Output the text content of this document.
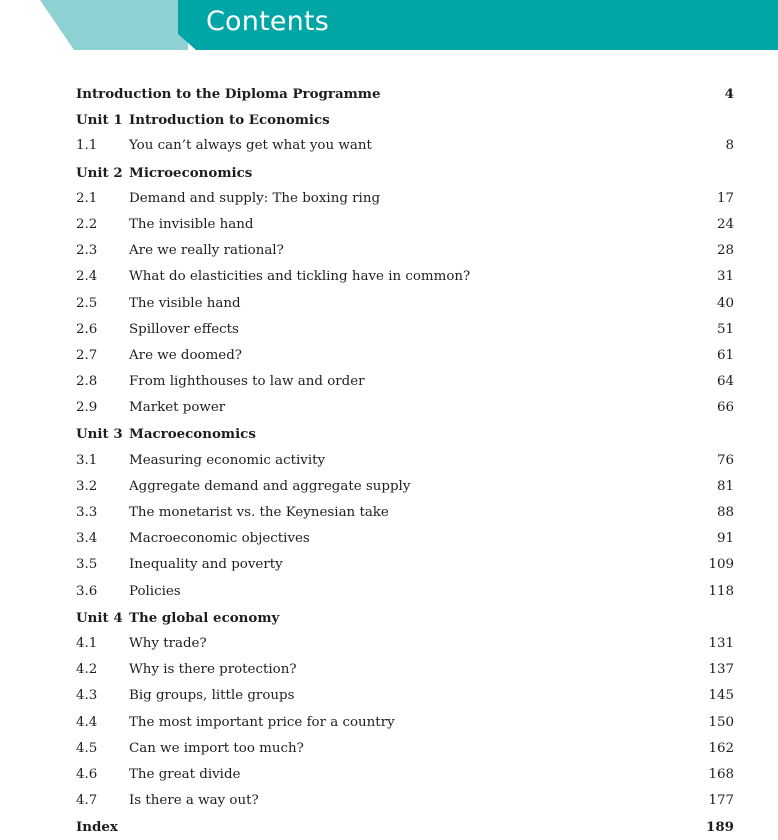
Contents
Introduction to the Diploma Programme	4
Unit 1 Introduction to Economics
1.1 You can’t always get what you want	8
Unit 2 Microeconomics
2.1 Demand and supply: The boxing ring	17
2.2 The invisible hand	24
2.3 Are we really rational?	28
2.4 What do elasticities and tickling have in common?	31
2.5 The visible hand	40
2.6 Spillover effects	51
2.7 Are we doomed?	61
2.8 From lighthouses to law and order	64
2.9 Market power	66
Unit 3 Macroeconomics
3.1 Measuring economic activity	76
3.2 Aggregate demand and aggregate supply	81
3.3 The monetarist vs. the Keynesian take	88
3.4 Macroeconomic objectives	91
3.5 Inequality and poverty	109
3.6 Policies	118
Unit 4 The global economy
4.1 Why trade?	131
4.2 Why is there protection?	137
4.3 Big groups, little groups	145
4.4 The most important price for a country	150
4.5 Can we import too much?	162
4.6 The great divide	168
4.7 Is there a way out?	177
Index	189
